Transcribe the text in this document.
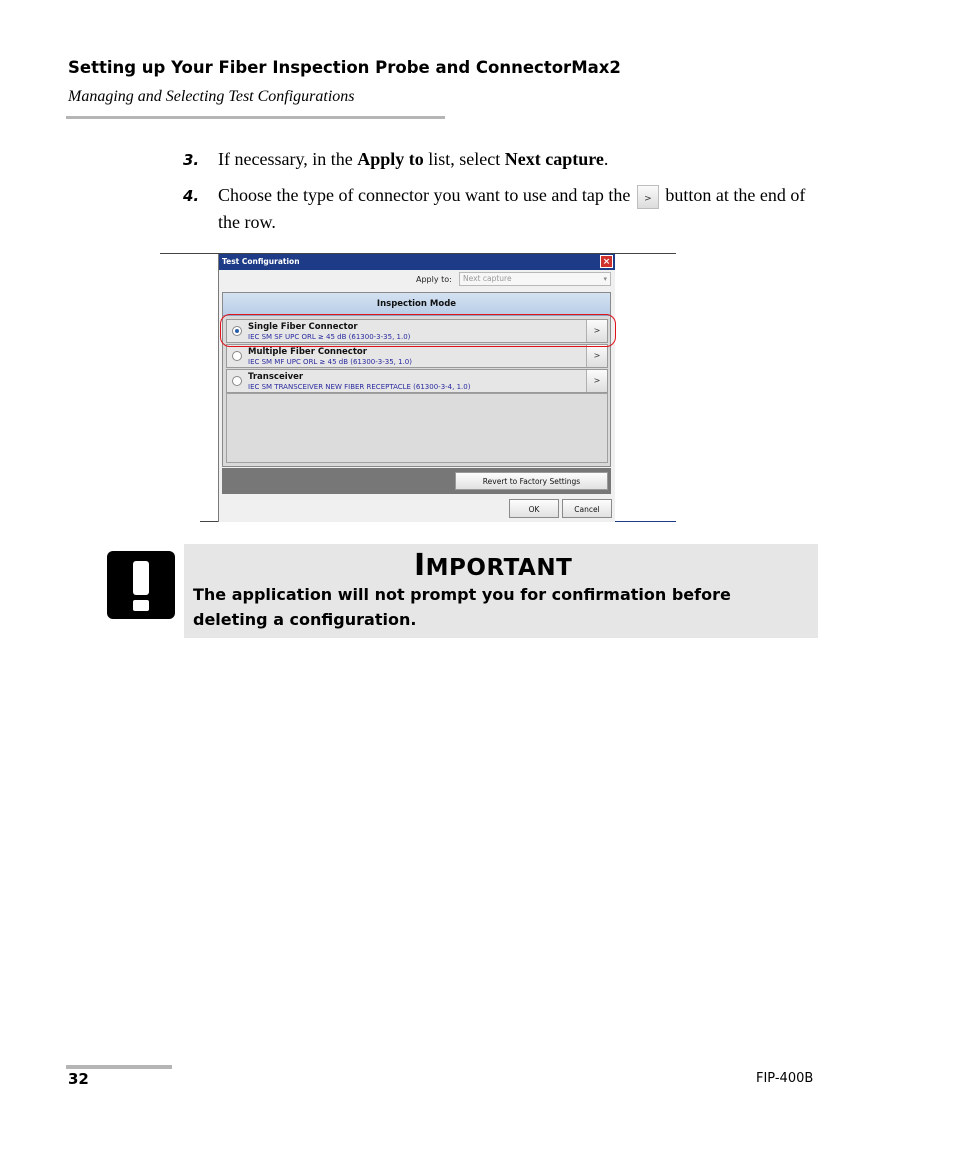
Setting up Your Fiber Inspection Probe and ConnectorMax2
Managing and Selecting Test Configurations
3. If necessary, in the Apply to list, select Next capture.
4. Choose the type of connector you want to use and tap the > button at the end of the row.
Test Configuration	×
Apply to:	Next capture	▾
Inspection Mode
Single Fiber Connector
IEC SM SF UPC ORL ≥ 45 dB (61300-3-35, 1.0)
>
Multiple Fiber Connector
IEC SM MF UPC ORL ≥ 45 dB (61300-3-35, 1.0)
>
Transceiver
IEC SM TRANSCEIVER NEW FIBER RECEPTACLE (61300-3-4, 1.0)
>
Revert to Factory Settings
OK	Cancel
IMPORTANT
The application will not prompt you for confirmation before deleting a configuration.
32	FIP-400B
